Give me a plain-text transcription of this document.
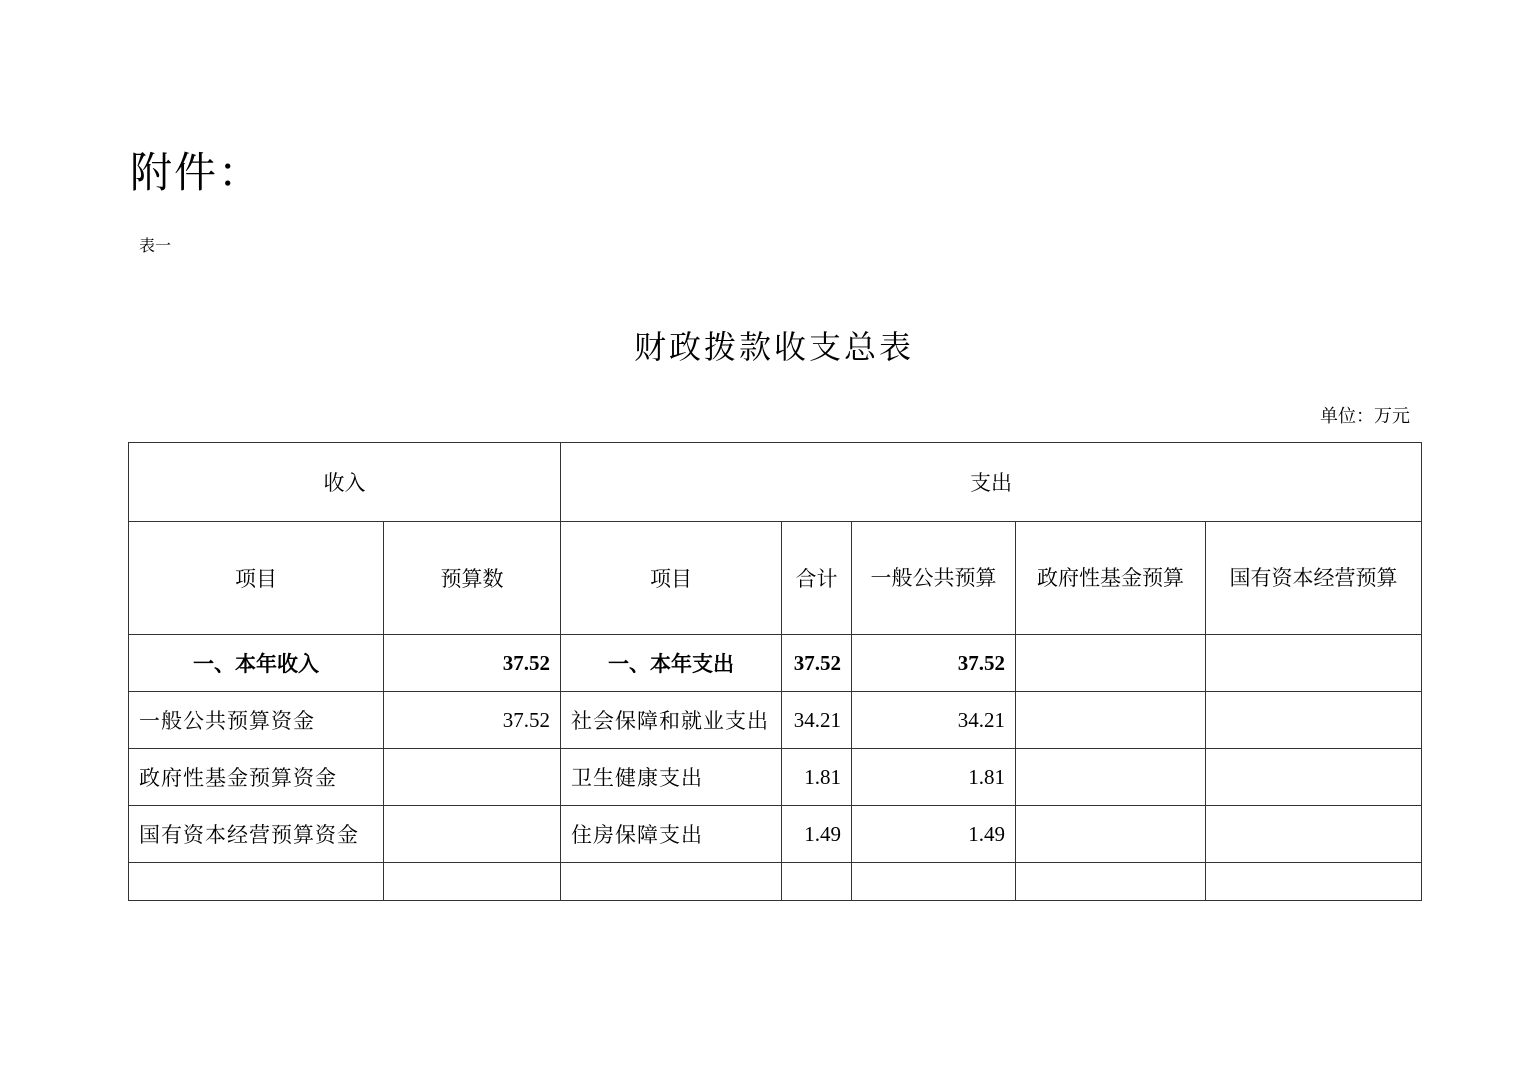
附件：
表一
财政拨款收支总表
单位：万元
收入		支出				
项目	预算数	项目	合计	一般公共预算	政府性基金预算	国有资本经营预算
一、本年收入	37.52	一、本年支出	37.52	37.52		
一般公共预算资金	37.52	社会保障和就业支出	34.21	34.21		
政府性基金预算资金		卫生健康支出	1.81	1.81		
国有资本经营预算资金		住房保障支出	1.49	1.49		
